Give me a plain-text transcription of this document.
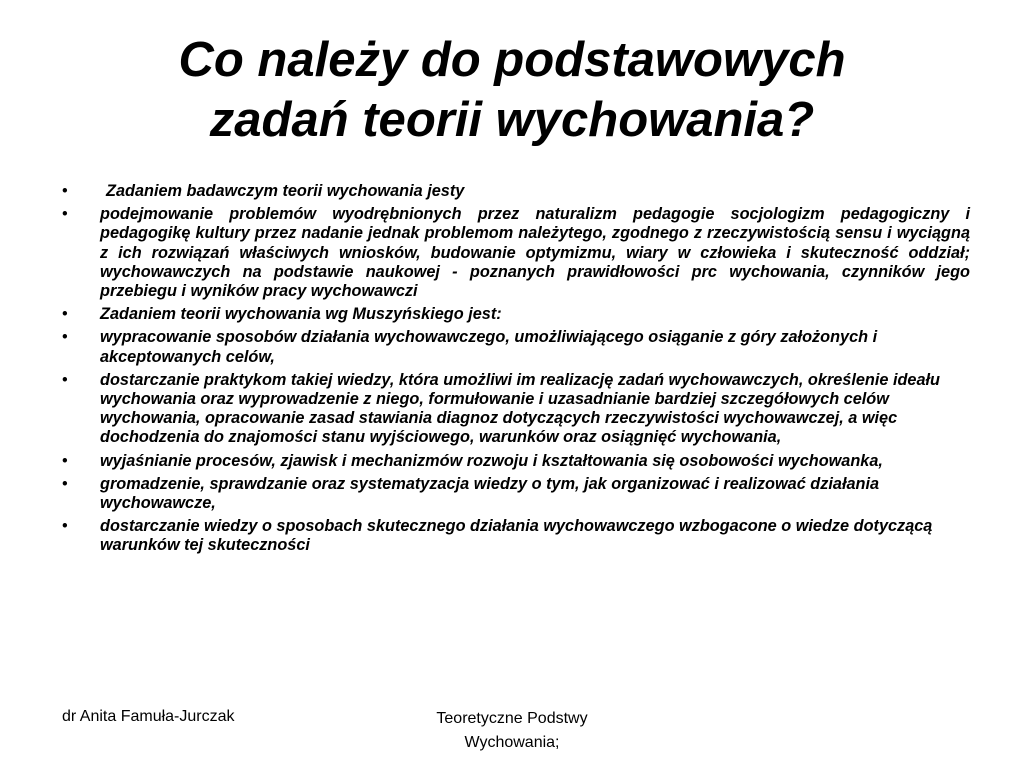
Co należy do podstawowych
zadań teorii wychowania?
• Zadaniem badawczym teorii wychowania jesty
• podejmowanie problemów wyodrębnionych przez naturalizm pedagogie socjologizm pedagogiczny i pedagogikę kultury przez nadanie jednak problemom należytego, zgodnego z rzeczywistością sensu i wyciągną z ich rozwiązań właściwych wniosków, budowanie optymizmu, wiary w człowieka i skuteczność oddział; wychowawczych na podstawie naukowej - poznanych prawidłowości prc wychowania, czynników jego przebiegu i wyników pracy wychowawczi
• Zadaniem teorii wychowania wg Muszyńskiego jest:
• wypracowanie sposobów działania wychowawczego, umożliwiającego osiąganie z góry założonych i akceptowanych celów,
• dostarczanie praktykom takiej wiedzy, która umożliwi im realizację zadań wychowawczych, określenie ideału wychowania oraz wyprowadzenie z niego, formułowanie i uzasadnianie bardziej szczegółowych celów wychowania, opracowanie zasad stawiania diagnoz dotyczących rzeczywistości wychowawczej, a więc dochodzenia do znajomości stanu wyjściowego, warunków oraz osiągnięć wychowania,
• wyjaśnianie procesów, zjawisk i mechanizmów rozwoju i kształtowania się osobowości wychowanka,
• gromadzenie, sprawdzanie oraz systematyzacja wiedzy o tym, jak organizować i realizować działania wychowawcze,
• dostarczanie wiedzy o sposobach skutecznego działania wychowawczego wzbogacone o wiedze dotyczącą warunków tej skuteczności
dr Anita Famuła-Jurczak	Teoretyczne Podstwy Wychowania;
